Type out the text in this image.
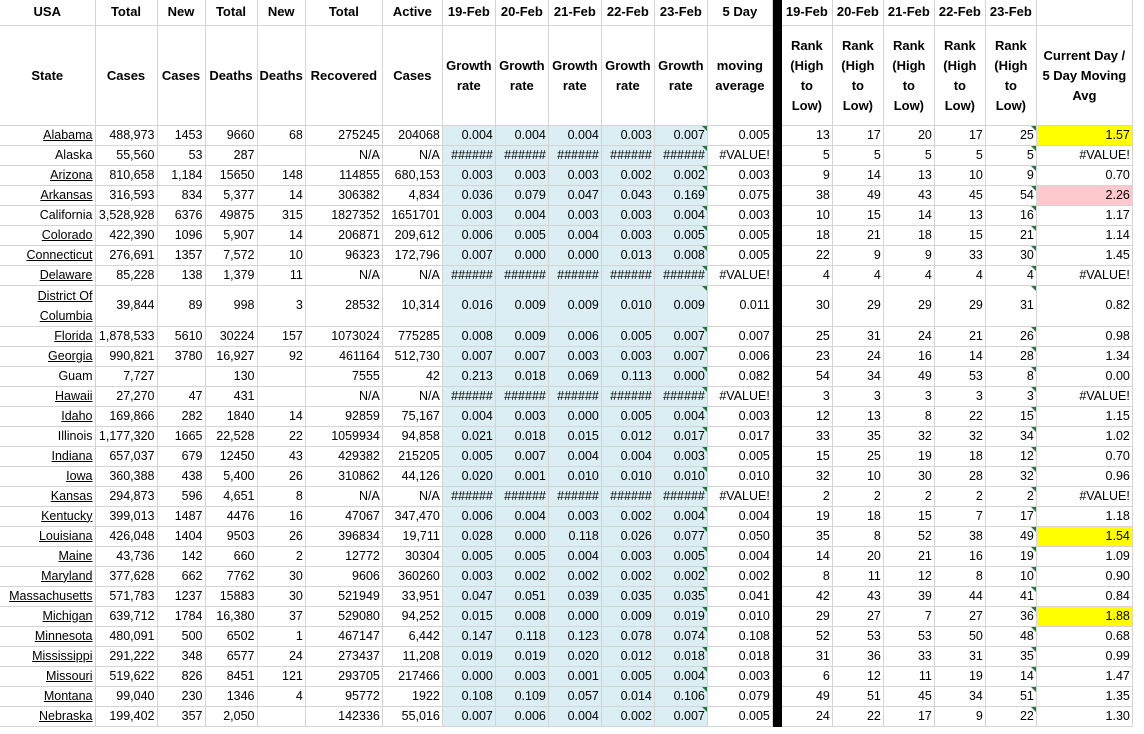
USA	Total	New	Total	New	Total	Active	19-Feb	20-Feb	21-Feb	22-Feb	23-Feb	5 Day		19-Feb	20-Feb	21-Feb	22-Feb	23-Feb	
State	Cases	Cases	Deaths	Deaths	Recovered	Cases	Growth rate	Growth rate	Growth rate	Growth rate	Growth rate	moving average		Rank (High to Low)	Rank (High to Low)	Rank (High to Low)	Rank (High to Low)	Rank (High to Low)	Current Day / 5 Day Moving Avg
Alabama	488,973	1453	9660	68	275245	204068	0.004	0.004	0.004	0.003	0.007	0.005		13	17	20	17	25	1.57
Alaska	55,560	53	287		N/A	N/A	######	######	######	######	######	#VALUE!		5	5	5	5	5	#VALUE!
Arizona	810,658	1,184	15650	148	114855	680,153	0.003	0.003	0.003	0.002	0.002	0.003		9	14	13	10	9	0.70
Arkansas	316,593	834	5,377	14	306382	4,834	0.036	0.079	0.047	0.043	0.169	0.075		38	49	43	45	54	2.26
California	3,528,928	6376	49875	315	1827352	1651701	0.003	0.004	0.003	0.003	0.004	0.003		10	15	14	13	16	1.17
Colorado	422,390	1096	5,907	14	206871	209,612	0.006	0.005	0.004	0.003	0.005	0.005		18	21	18	15	21	1.14
Connecticut	276,691	1357	7,572	10	96323	172,796	0.007	0.000	0.000	0.013	0.008	0.005		22	9	9	33	30	1.45
Delaware	85,228	138	1,379	11	N/A	N/A	######	######	######	######	######	#VALUE!		4	4	4	4	4	#VALUE!
District Of Columbia	39,844	89	998	3	28532	10,314	0.016	0.009	0.009	0.010	0.009	0.011		30	29	29	29	31	0.82
Florida	1,878,533	5610	30224	157	1073024	775285	0.008	0.009	0.006	0.005	0.007	0.007		25	31	24	21	26	0.98
Georgia	990,821	3780	16,927	92	461164	512,730	0.007	0.007	0.003	0.003	0.007	0.006		23	24	16	14	28	1.34
Guam	7,727		130		7555	42	0.213	0.018	0.069	0.113	0.000	0.082		54	34	49	53	8	0.00
Hawaii	27,270	47	431		N/A	N/A	######	######	######	######	######	#VALUE!		3	3	3	3	3	#VALUE!
Idaho	169,866	282	1840	14	92859	75,167	0.004	0.003	0.000	0.005	0.004	0.003		12	13	8	22	15	1.15
Illinois	1,177,320	1665	22,528	22	1059934	94,858	0.021	0.018	0.015	0.012	0.017	0.017		33	35	32	32	34	1.02
Indiana	657,037	679	12450	43	429382	215205	0.005	0.007	0.004	0.004	0.003	0.005		15	25	19	18	12	0.70
Iowa	360,388	438	5,400	26	310862	44,126	0.020	0.001	0.010	0.010	0.010	0.010		32	10	30	28	32	0.96
Kansas	294,873	596	4,651	8	N/A	N/A	######	######	######	######	######	#VALUE!		2	2	2	2	2	#VALUE!
Kentucky	399,013	1487	4476	16	47067	347,470	0.006	0.004	0.003	0.002	0.004	0.004		19	18	15	7	17	1.18
Louisiana	426,048	1404	9503	26	396834	19,711	0.028	0.000	0.118	0.026	0.077	0.050		35	8	52	38	49	1.54
Maine	43,736	142	660	2	12772	30304	0.005	0.005	0.004	0.003	0.005	0.004		14	20	21	16	19	1.09
Maryland	377,628	662	7762	30	9606	360260	0.003	0.002	0.002	0.002	0.002	0.002		8	11	12	8	10	0.90
Massachusetts	571,783	1237	15883	30	521949	33,951	0.047	0.051	0.039	0.035	0.035	0.041		42	43	39	44	41	0.84
Michigan	639,712	1784	16,380	37	529080	94,252	0.015	0.008	0.000	0.009	0.019	0.010		29	27	7	27	36	1.88
Minnesota	480,091	500	6502	1	467147	6,442	0.147	0.118	0.123	0.078	0.074	0.108		52	53	53	50	48	0.68
Mississippi	291,222	348	6577	24	273437	11,208	0.019	0.019	0.020	0.012	0.018	0.018		31	36	33	31	35	0.99
Missouri	519,622	826	8451	121	293705	217466	0.000	0.003	0.001	0.005	0.004	0.003		6	12	11	19	14	1.47
Montana	99,040	230	1346	4	95772	1922	0.108	0.109	0.057	0.014	0.106	0.079		49	51	45	34	51	1.35
Nebraska	199,402	357	2,050		142336	55,016	0.007	0.006	0.004	0.002	0.007	0.005		24	22	17	9	22	1.30
